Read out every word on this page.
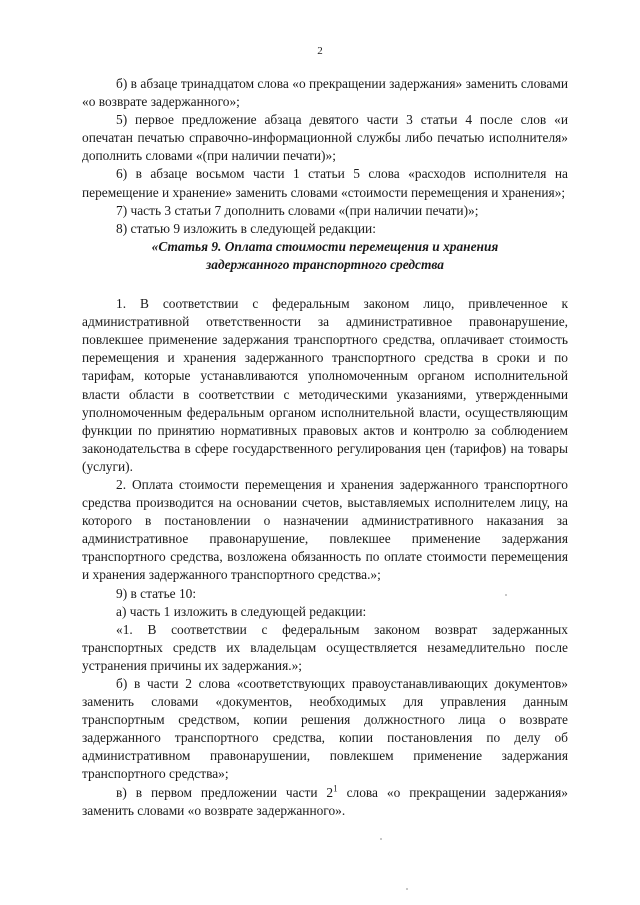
2

б) в абзаце тринадцатом слова «о прекращении задержания» заменить словами «о возврате задержанного»;

5) первое предложение абзаца девятого части 3 статьи 4 после слов «и опечатан печатью справочно-информационной службы либо печатью исполнителя» дополнить словами «(при наличии печати)»;

6) в абзаце восьмом части 1 статьи 5 слова «расходов исполнителя на перемещение и хранение» заменить словами «стоимости перемещения и хранения»;

7) часть 3 статьи 7 дополнить словами «(при наличии печати)»;

8) статью 9 изложить в следующей редакции:

«Статья 9. Оплата стоимости перемещения и хранения

задержанного транспортного средства

1. В соответствии с федеральным законом лицо, привлеченное к административной ответственности за административное правонарушение, повлекшее применение задержания транспортного средства, оплачивает стоимость перемещения и хранения задержанного транспортного средства в сроки и по тарифам, которые устанавливаются уполномоченным органом исполнительной власти области в соответствии с методическими указаниями, утвержденными уполномоченным федеральным органом исполнительной власти, осуществляющим функции по принятию нормативных правовых актов и контролю за соблюдением законодательства в сфере государственного регулирования цен (тарифов) на товары (услуги).

2. Оплата стоимости перемещения и хранения задержанного транспортного средства производится на основании счетов, выставляемых исполнителем лицу, на которого в постановлении о назначении административного наказания за административное правонарушение, повлекшее применение задержания транспортного средства, возложена обязанность по оплате стоимости перемещения и хранения задержанного транспортного средства.»;

9) в статье 10:

а) часть 1 изложить в следующей редакции:

«1. В соответствии с федеральным законом возврат задержанных транспортных средств их владельцам осуществляется незамедлительно после устранения причины их задержания.»;

б) в части 2 слова «соответствующих правоустанавливающих документов» заменить словами «документов, необходимых для управления данным транспортным средством, копии решения должностного лица о возврате задержанного транспортного средства, копии постановления по делу об административном правонарушении, повлекшем применение задержания транспортного средства»;

в) в первом предложении части $2^1$ слова «о прекращении задержания» заменить словами «о возврате задержанного».
